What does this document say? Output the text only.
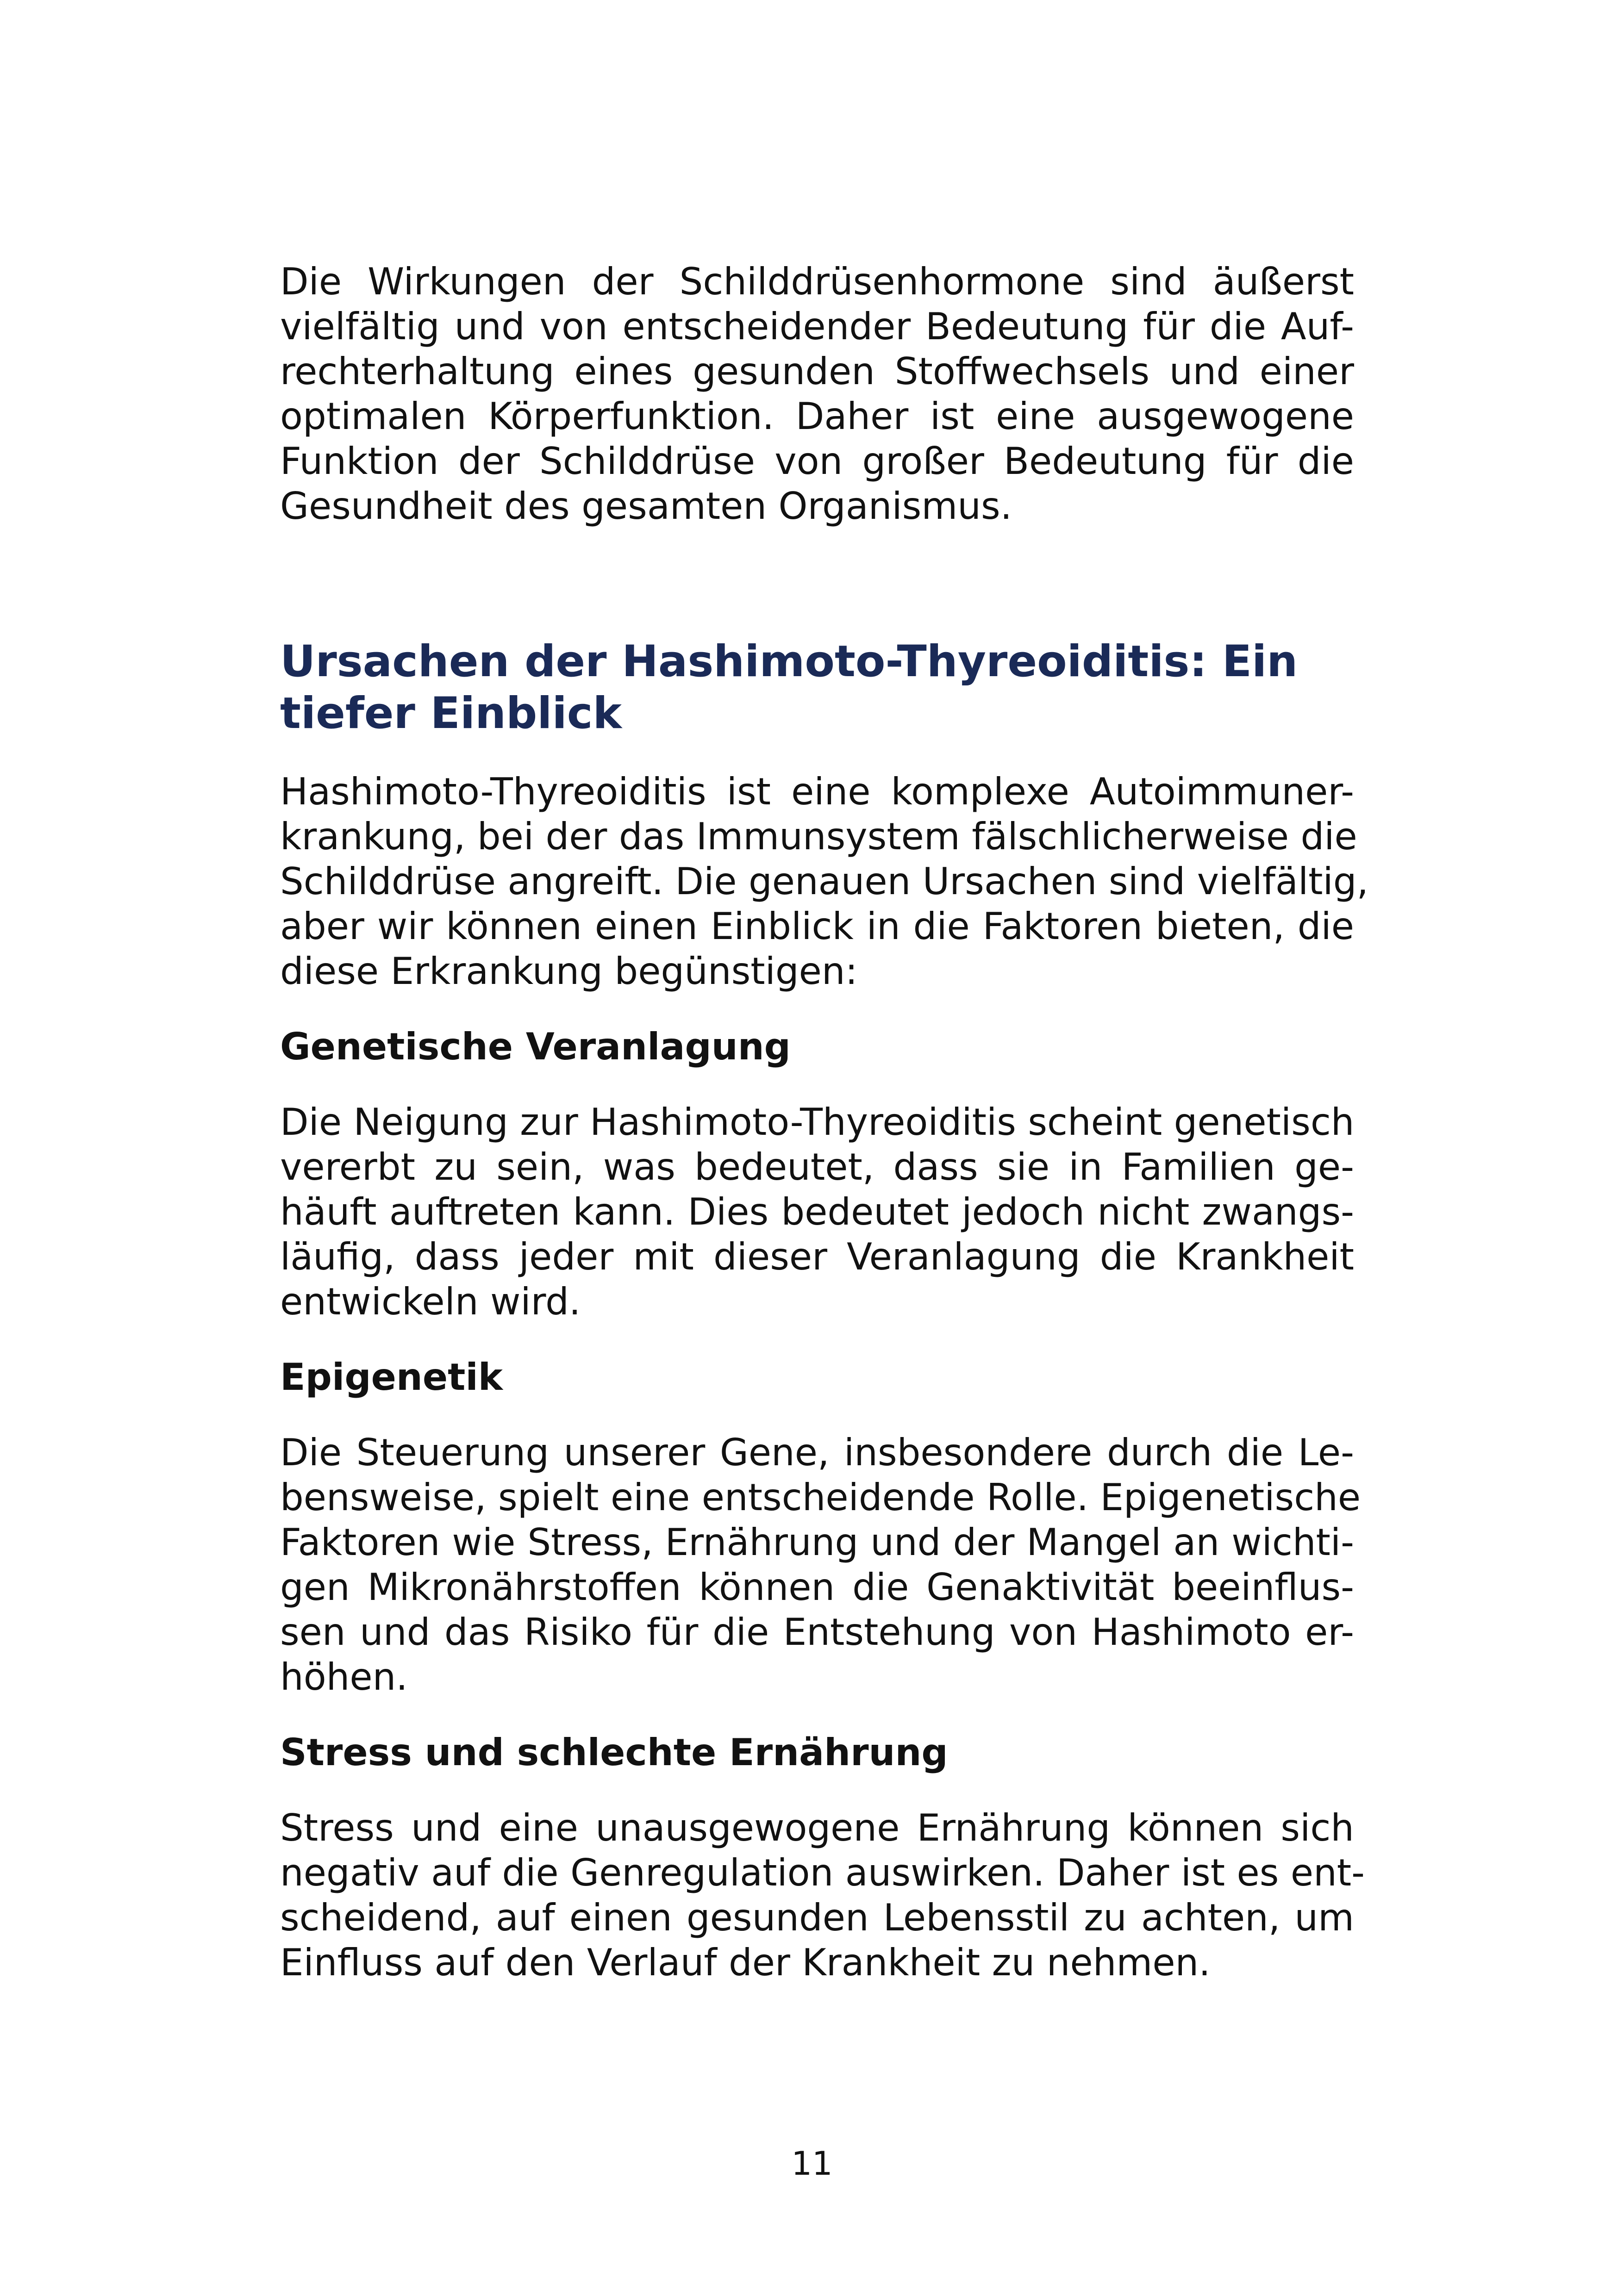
Die Wirkungen der Schilddrüsenhormone sind äußerst
vielfältig und von entscheidender Bedeutung für die Auf-
rechterhaltung eines gesunden Stoffwechsels und einer
optimalen Körperfunktion. Daher ist eine ausgewogene
Funktion der Schilddrüse von großer Bedeutung für die
Gesundheit des gesamten Organismus.

Ursachen der Hashimoto-Thyreoiditis: Ein
tiefer Einblick

Hashimoto-Thyreoiditis ist eine komplexe Autoimmuner-
krankung, bei der das Immunsystem fälschlicherweise die
Schilddrüse angreift. Die genauen Ursachen sind vielfältig,
aber wir können einen Einblick in die Faktoren bieten, die
diese Erkrankung begünstigen:

Genetische Veranlagung

Die Neigung zur Hashimoto-Thyreoiditis scheint genetisch
vererbt zu sein, was bedeutet, dass sie in Familien ge-
häuft auftreten kann. Dies bedeutet jedoch nicht zwangs-
läufig, dass jeder mit dieser Veranlagung die Krankheit
entwickeln wird.

Epigenetik

Die Steuerung unserer Gene, insbesondere durch die Le-
bensweise, spielt eine entscheidende Rolle. Epigenetische
Faktoren wie Stress, Ernährung und der Mangel an wichti-
gen Mikronährstoffen können die Genaktivität beeinflus-
sen und das Risiko für die Entstehung von Hashimoto er-
höhen.

Stress und schlechte Ernährung

Stress und eine unausgewogene Ernährung können sich
negativ auf die Genregulation auswirken. Daher ist es ent-
scheidend, auf einen gesunden Lebensstil zu achten, um
Einfluss auf den Verlauf der Krankheit zu nehmen.

11
